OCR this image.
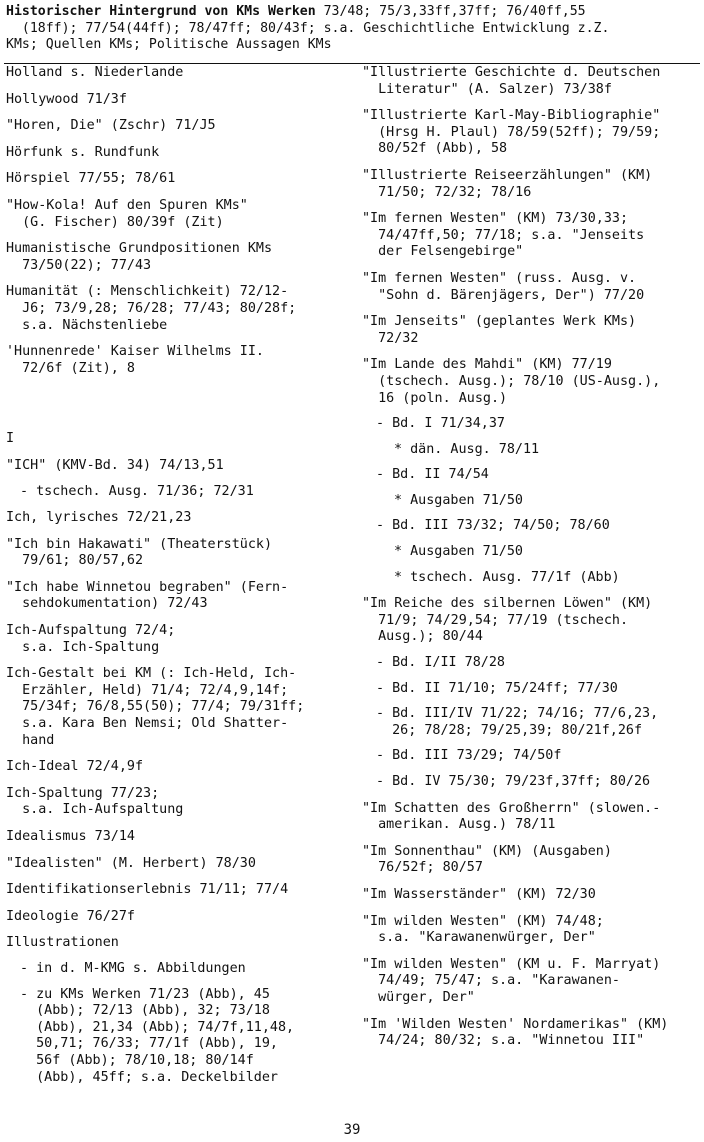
Historischer Hintergrund von KMs Werken 73/48; 75/3,33ff,37ff; 76/40ff,55
(18ff); 77/54(44ff); 78/47ff; 80/43f; s.a. Geschichtliche Entwicklung z.Z.
KMs; Quellen KMs; Politische Aussagen KMs
Holland s. Niederlande
Hollywood 71/3f
"Horen, Die" (Zschr) 71/J5
Hörfunk s. Rundfunk
Hörspiel 77/55; 78/61
"How-Kola! Auf den Spuren KMs"
(G. Fischer) 80/39f (Zit)
Humanistische Grundpositionen KMs
73/50(22); 77/43
Humanität (: Menschlichkeit) 72/12-
J6; 73/9,28; 76/28; 77/43; 80/28f;
s.a. Nächstenliebe
'Hunnenrede' Kaiser Wilhelms II.
72/6f (Zit), 8
I
"ICH" (KMV-Bd. 34) 74/13,51
- tschech. Ausg. 71/36; 72/31
Ich, lyrisches 72/21,23
"Ich bin Hakawati" (Theaterstück)
79/61; 80/57,62
"Ich habe Winnetou begraben" (Fern-
sehdokumentation) 72/43
Ich-Aufspaltung 72/4;
s.a. Ich-Spaltung
Ich-Gestalt bei KM (: Ich-Held, Ich-
Erzähler, Held) 71/4; 72/4,9,14f;
75/34f; 76/8,55(50); 77/4; 79/31ff;
s.a. Kara Ben Nemsi; Old Shatter-
hand
Ich-Ideal 72/4,9f
Ich-Spaltung 77/23;
s.a. Ich-Aufspaltung
Idealismus 73/14
"Idealisten" (M. Herbert) 78/30
Identifikationserlebnis 71/11; 77/4
Ideologie 76/27f
Illustrationen
- in d. M-KMG s. Abbildungen
- zu KMs Werken 71/23 (Abb), 45
(Abb); 72/13 (Abb), 32; 73/18
(Abb), 21,34 (Abb); 74/7f,11,48,
50,71; 76/33; 77/1f (Abb), 19,
56f (Abb); 78/10,18; 80/14f
(Abb), 45ff; s.a. Deckelbilder
"Illustrierte Geschichte d. Deutschen
Literatur" (A. Salzer) 73/38f
"Illustrierte Karl-May-Bibliographie"
(Hrsg H. Plaul) 78/59(52ff); 79/59;
80/52f (Abb), 58
"Illustrierte Reiseerzählungen" (KM)
71/50; 72/32; 78/16
"Im fernen Westen" (KM) 73/30,33;
74/47ff,50; 77/18; s.a. "Jenseits
der Felsengebirge"
"Im fernen Westen" (russ. Ausg. v.
"Sohn d. Bärenjägers, Der") 77/20
"Im Jenseits" (geplantes Werk KMs)
72/32
"Im Lande des Mahdi" (KM) 77/19
(tschech. Ausg.); 78/10 (US-Ausg.),
16 (poln. Ausg.)
- Bd. I 71/34,37
* dän. Ausg. 78/11
- Bd. II 74/54
* Ausgaben 71/50
- Bd. III 73/32; 74/50; 78/60
* Ausgaben 71/50
* tschech. Ausg. 77/1f (Abb)
"Im Reiche des silbernen Löwen" (KM)
71/9; 74/29,54; 77/19 (tschech.
Ausg.); 80/44
- Bd. I/II 78/28
- Bd. II 71/10; 75/24ff; 77/30
- Bd. III/IV 71/22; 74/16; 77/6,23,
26; 78/28; 79/25,39; 80/21f,26f
- Bd. III 73/29; 74/50f
- Bd. IV 75/30; 79/23f,37ff; 80/26
"Im Schatten des Großherrn" (slowen.-
amerikan. Ausg.) 78/11
"Im Sonnenthau" (KM) (Ausgaben)
76/52f; 80/57
"Im Wasserständer" (KM) 72/30
"Im wilden Westen" (KM) 74/48;
s.a. "Karawanenwürger, Der"
"Im wilden Westen" (KM u. F. Marryat)
74/49; 75/47; s.a. "Karawanen-
würger, Der"
"Im 'Wilden Westen' Nordamerikas" (KM)
74/24; 80/32; s.a. "Winnetou III"
39
